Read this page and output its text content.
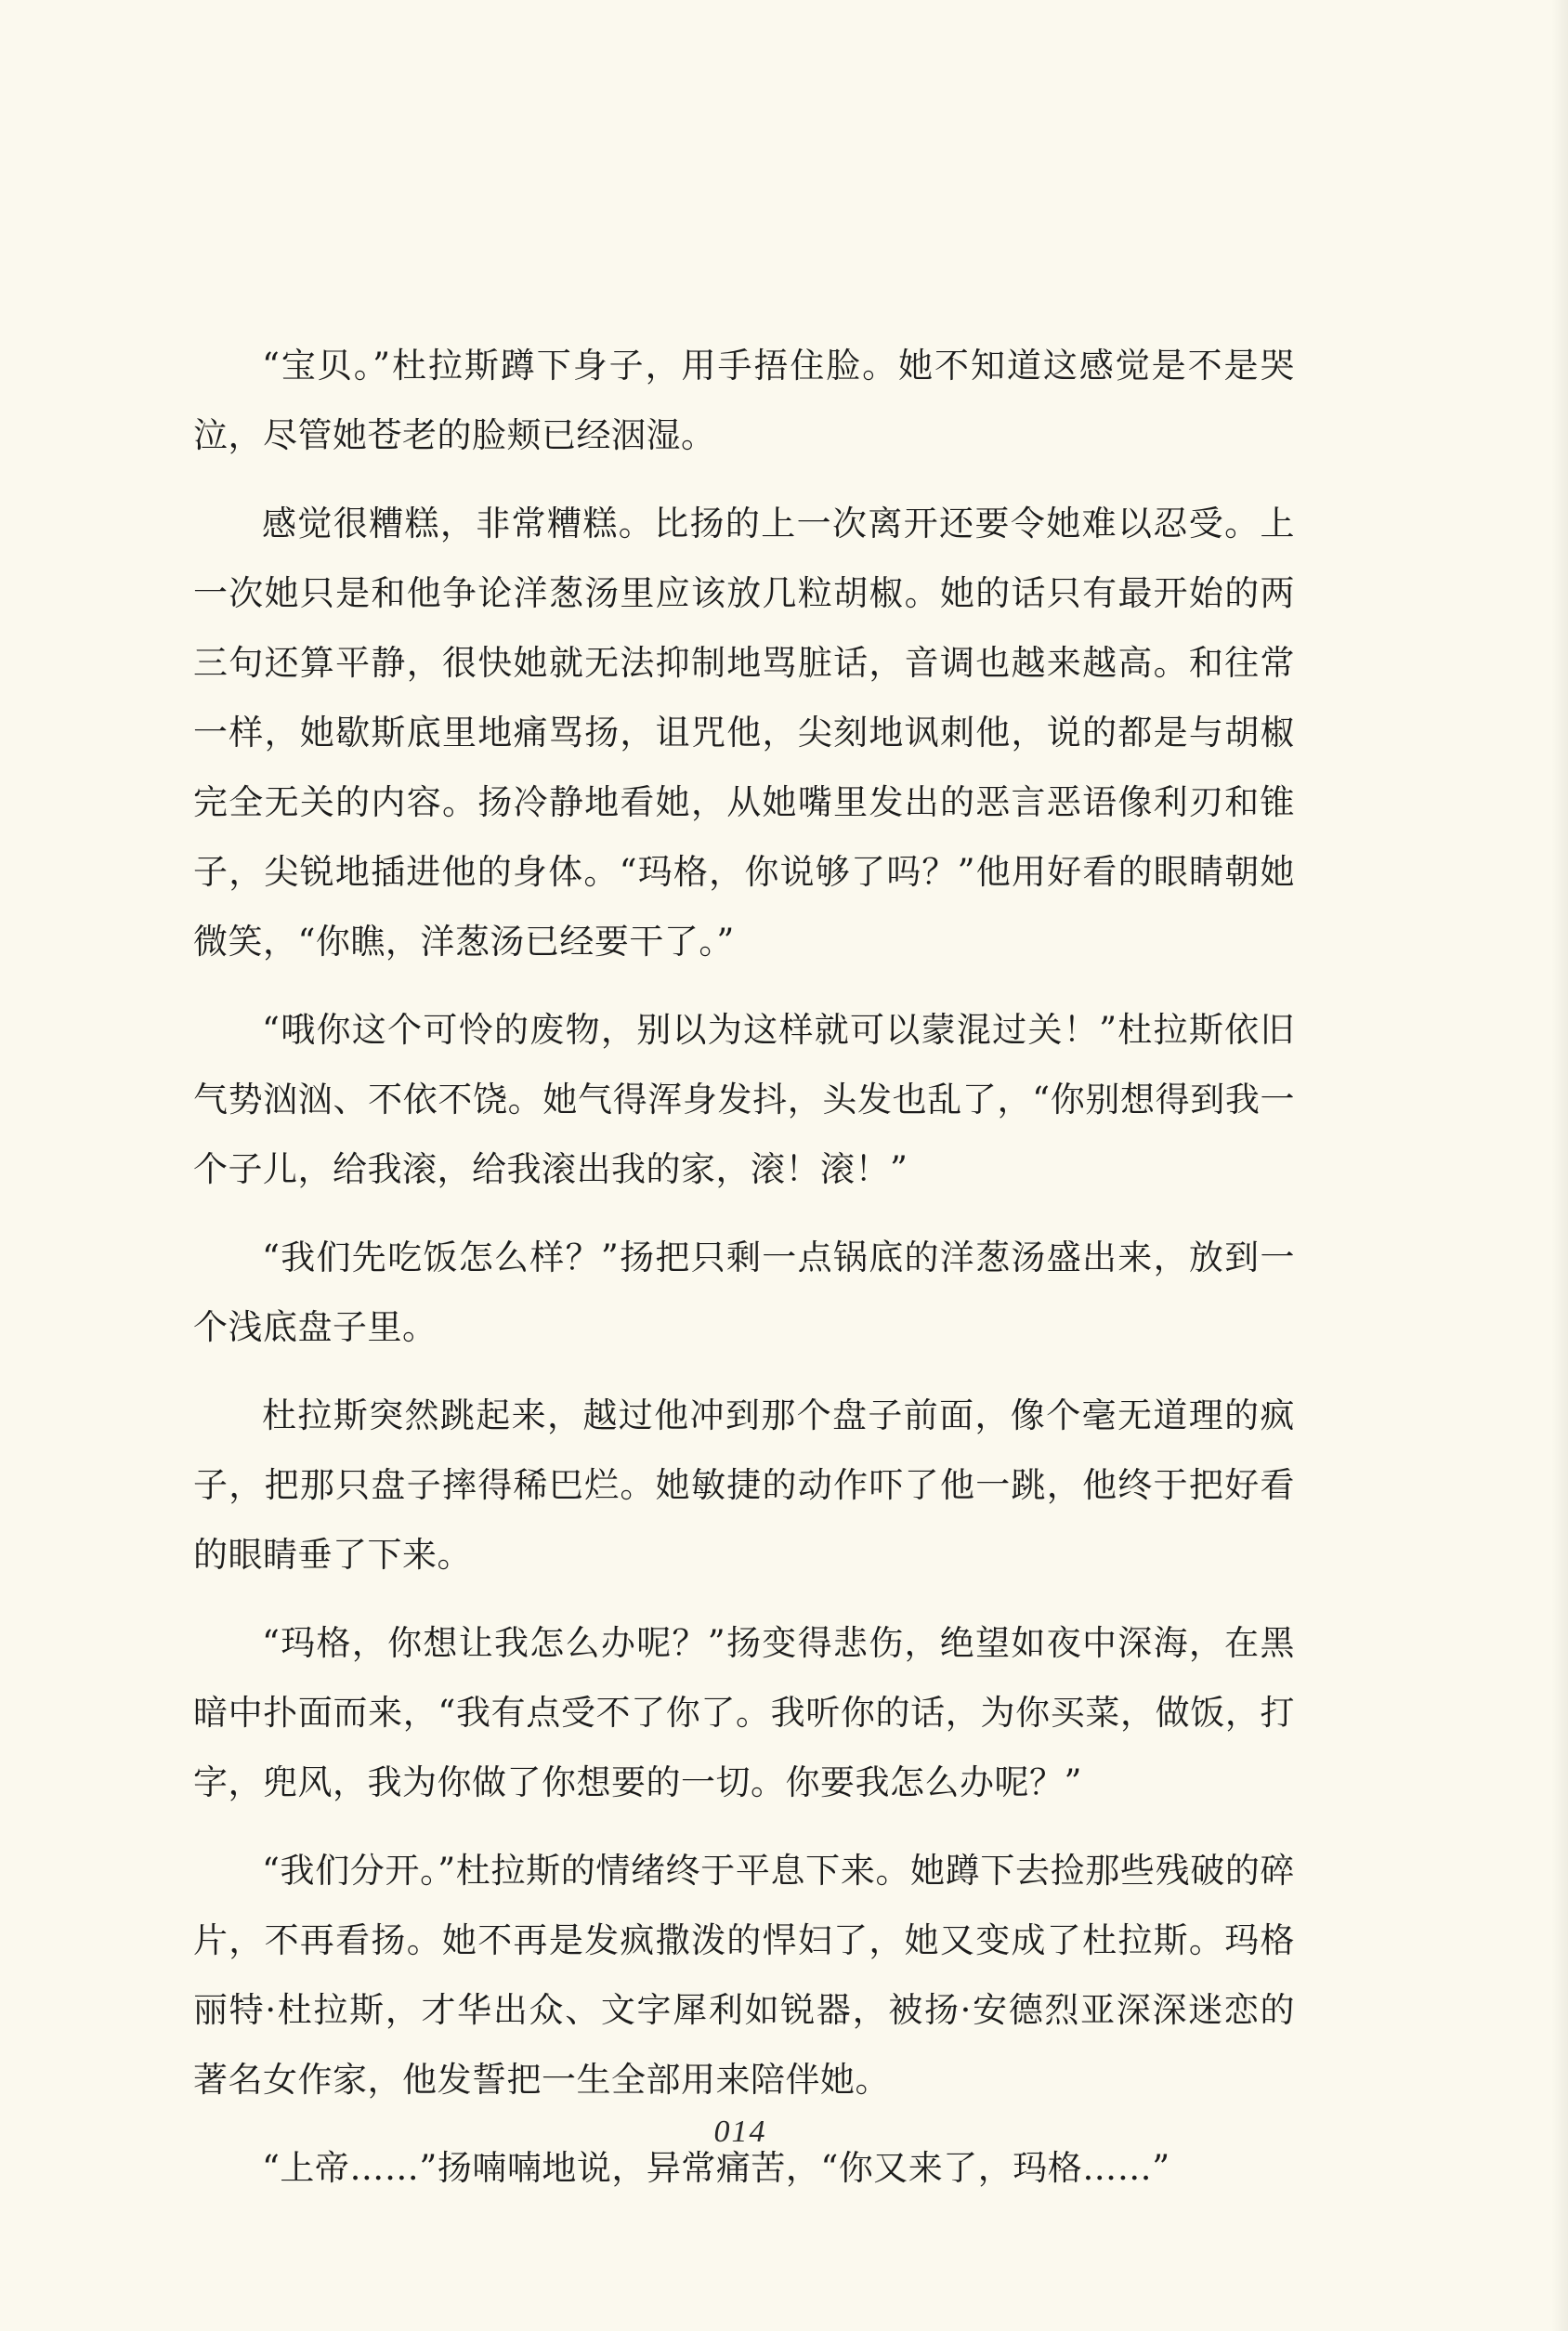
“宝贝。”杜拉斯蹲下身子，用手捂住脸。她不知道这感觉是不是哭泣，尽管她苍老的脸颊已经洇湿。

感觉很糟糕，非常糟糕。比扬的上一次离开还要令她难以忍受。上一次她只是和他争论洋葱汤里应该放几粒胡椒。她的话只有最开始的两三句还算平静，很快她就无法抑制地骂脏话，音调也越来越高。和往常一样，她歇斯底里地痛骂扬，诅咒他，尖刻地讽刺他，说的都是与胡椒完全无关的内容。扬冷静地看她，从她嘴里发出的恶言恶语像利刃和锥子，尖锐地插进他的身体。“玛格，你说够了吗？”他用好看的眼睛朝她微笑，“你瞧，洋葱汤已经要干了。”

“哦你这个可怜的废物，别以为这样就可以蒙混过关！”杜拉斯依旧气势汹汹、不依不饶。她气得浑身发抖，头发也乱了，“你别想得到我一个子儿，给我滚，给我滚出我的家，滚！滚！”

“我们先吃饭怎么样？”扬把只剩一点锅底的洋葱汤盛出来，放到一个浅底盘子里。

杜拉斯突然跳起来，越过他冲到那个盘子前面，像个毫无道理的疯子，把那只盘子摔得稀巴烂。她敏捷的动作吓了他一跳，他终于把好看的眼睛垂了下来。

“玛格，你想让我怎么办呢？”扬变得悲伤，绝望如夜中深海，在黑暗中扑面而来，“我有点受不了你了。我听你的话，为你买菜，做饭，打字，兜风，我为你做了你想要的一切。你要我怎么办呢？”

“我们分开。”杜拉斯的情绪终于平息下来。她蹲下去捡那些残破的碎片，不再看扬。她不再是发疯撒泼的悍妇了，她又变成了杜拉斯。玛格丽特·杜拉斯，才华出众、文字犀利如锐器，被扬·安德烈亚深深迷恋的著名女作家，他发誓把一生全部用来陪伴她。

“上帝……”扬喃喃地说，异常痛苦，“你又来了，玛格……”

014
